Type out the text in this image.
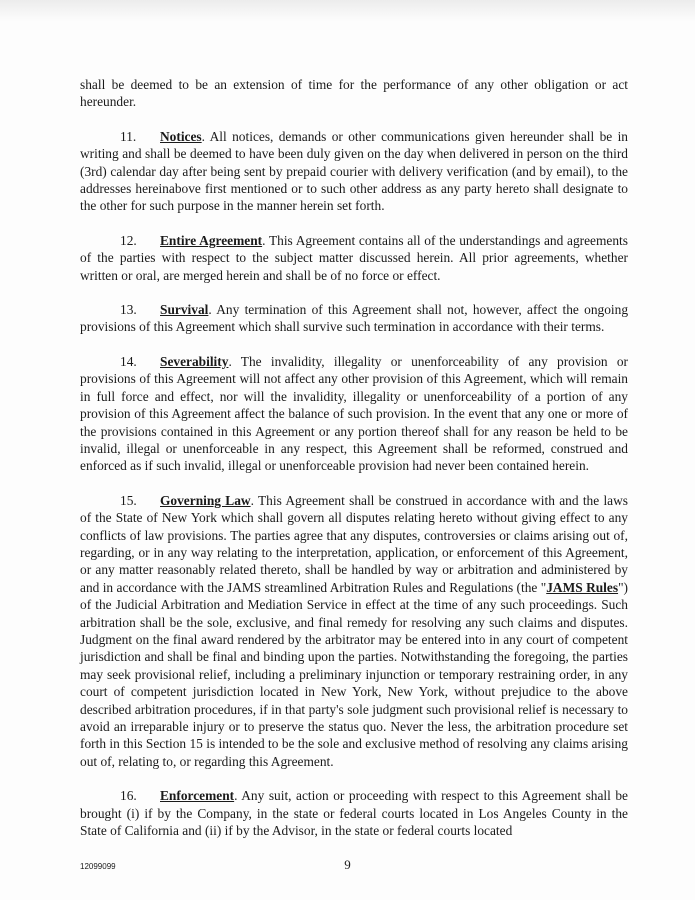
shall be deemed to be an extension of time for the performance of any other obligation or act hereunder.

11. Notices. All notices, demands or other communications given hereunder shall be in writing and shall be deemed to have been duly given on the day when delivered in person on the third (3rd) calendar day after being sent by prepaid courier with delivery verification (and by email), to the addresses hereinabove first mentioned or to such other address as any party hereto shall designate to the other for such purpose in the manner herein set forth.

12. Entire Agreement. This Agreement contains all of the understandings and agreements of the parties with respect to the subject matter discussed herein. All prior agreements, whether written or oral, are merged herein and shall be of no force or effect.

13. Survival. Any termination of this Agreement shall not, however, affect the ongoing provisions of this Agreement which shall survive such termination in accordance with their terms.

14. Severability. The invalidity, illegality or unenforceability of any provision or provisions of this Agreement will not affect any other provision of this Agreement, which will remain in full force and effect, nor will the invalidity, illegality or unenforceability of a portion of any provision of this Agreement affect the balance of such provision. In the event that any one or more of the provisions contained in this Agreement or any portion thereof shall for any reason be held to be invalid, illegal or unenforceable in any respect, this Agreement shall be reformed, construed and enforced as if such invalid, illegal or unenforceable provision had never been contained herein.

15. Governing Law. This Agreement shall be construed in accordance with and the laws of the State of New York which shall govern all disputes relating hereto without giving effect to any conflicts of law provisions. The parties agree that any disputes, controversies or claims arising out of, regarding, or in any way relating to the interpretation, application, or enforcement of this Agreement, or any matter reasonably related thereto, shall be handled by way or arbitration and administered by and in accordance with the JAMS streamlined Arbitration Rules and Regulations (the "JAMS Rules") of the Judicial Arbitration and Mediation Service in effect at the time of any such proceedings. Such arbitration shall be the sole, exclusive, and final remedy for resolving any such claims and disputes. Judgment on the final award rendered by the arbitrator may be entered into in any court of competent jurisdiction and shall be final and binding upon the parties. Notwithstanding the foregoing, the parties may seek provisional relief, including a preliminary injunction or temporary restraining order, in any court of competent jurisdiction located in New York, New York, without prejudice to the above described arbitration procedures, if in that party's sole judgment such provisional relief is necessary to avoid an irreparable injury or to preserve the status quo. Never the less, the arbitration procedure set forth in this Section 15 is intended to be the sole and exclusive method of resolving any claims arising out of, relating to, or regarding this Agreement.

16. Enforcement. Any suit, action or proceeding with respect to this Agreement shall be brought (i) if by the Company, in the state or federal courts located in Los Angeles County in the State of California and (ii) if by the Advisor, in the state or federal courts located

12099099	9
